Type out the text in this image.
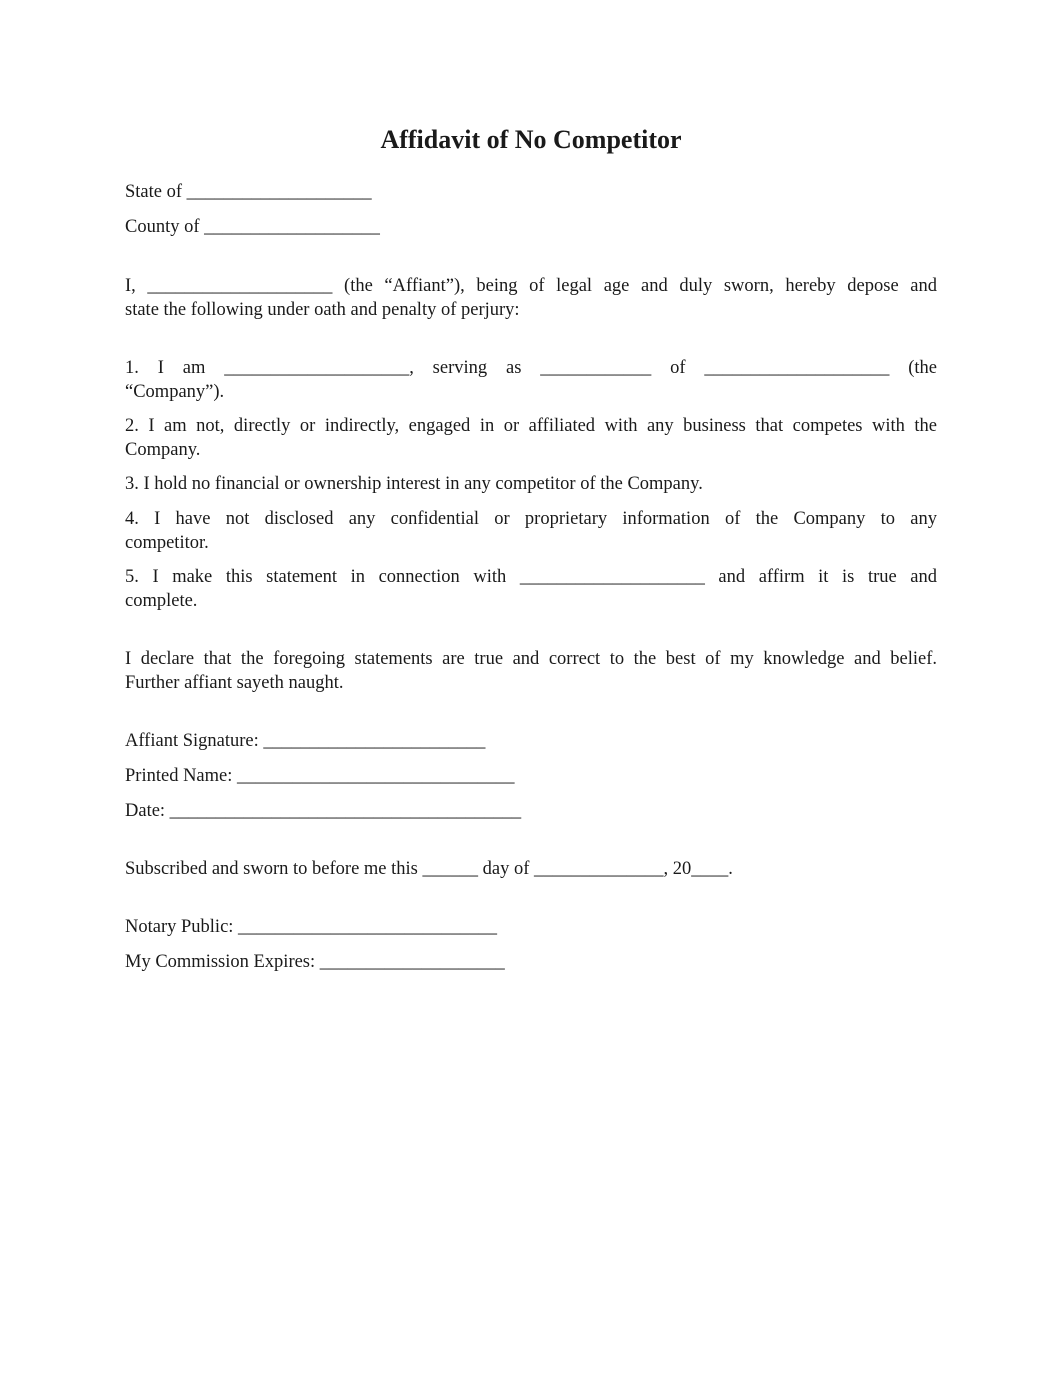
Affidavit of No Competitor

State of ____________________

County of ___________________

I, ____________________ (the “Affiant”), being of legal age and duly sworn, hereby depose and

state the following under oath and penalty of perjury:

1. I am ____________________, serving as ____________ of ____________________ (the

“Company”).

2. I am not, directly or indirectly, engaged in or affiliated with any business that competes with the

Company.

3. I hold no financial or ownership interest in any competitor of the Company.

4. I have not disclosed any confidential or proprietary information of the Company to any

competitor.

5. I make this statement in connection with ____________________ and affirm it is true and

complete.

I declare that the foregoing statements are true and correct to the best of my knowledge and belief.

Further affiant sayeth naught.

Affiant Signature: ________________________

Printed Name: ______________________________

Date: ______________________________________

Subscribed and sworn to before me this ______ day of ______________, 20____.

Notary Public: ____________________________

My Commission Expires: ____________________
